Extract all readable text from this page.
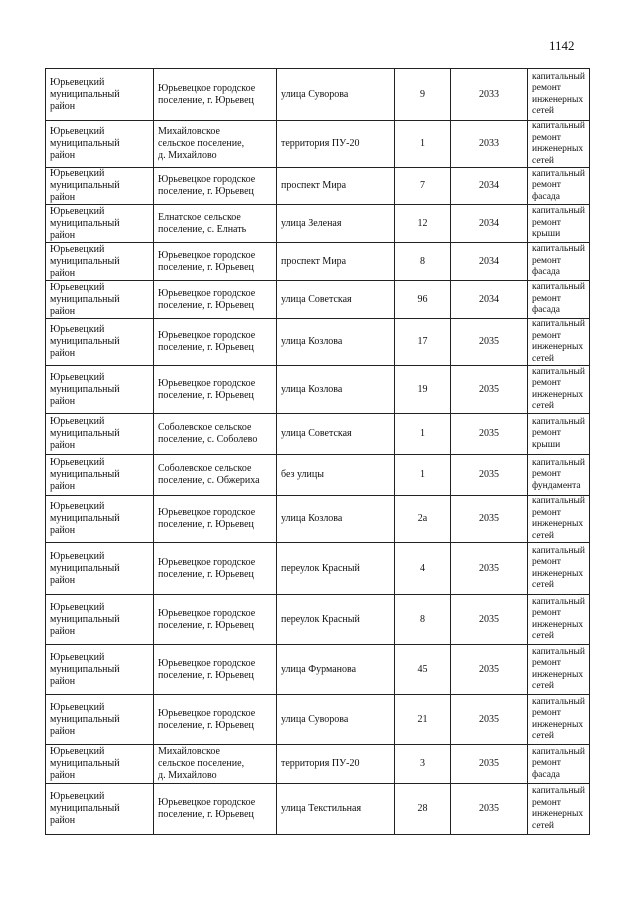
1142
Юрьевецкий
муниципальный
район	Юрьевецкое городское
поселение, г. Юрьевец	улица Суворова	9	2033	капитальный
ремонт
инженерных
сетей
Юрьевецкий
муниципальный
район	Михайловское
сельское поселение,
д. Михайлово	территория ПУ-20	1	2033	капитальный
ремонт
инженерных
сетей
Юрьевецкий
муниципальный
район	Юрьевецкое городское
поселение, г. Юрьевец	проспект Мира	7	2034	капитальный
ремонт фасада
Юрьевецкий
муниципальный
район	Елнатское сельское
поселение, с. Елнать	улица Зеленая	12	2034	капитальный
ремонт крыши
Юрьевецкий
муниципальный
район	Юрьевецкое городское
поселение, г. Юрьевец	проспект Мира	8	2034	капитальный
ремонт фасада
Юрьевецкий
муниципальный
район	Юрьевецкое городское
поселение, г. Юрьевец	улица Советская	96	2034	капитальный
ремонт фасада
Юрьевецкий
муниципальный
район	Юрьевецкое городское
поселение, г. Юрьевец	улица Козлова	17	2035	капитальный
ремонт
инженерных
сетей
Юрьевецкий
муниципальный
район	Юрьевецкое городское
поселение, г. Юрьевец	улица Козлова	19	2035	капитальный
ремонт
инженерных
сетей
Юрьевецкий
муниципальный
район	Соболевское сельское
поселение, с. Соболево	улица Советская	1	2035	капитальный
ремонт крыши
Юрьевецкий
муниципальный
район	Соболевское сельское
поселение, с. Обжериха	без улицы	1	2035	капитальный
ремонт
фундамента
Юрьевецкий
муниципальный
район	Юрьевецкое городское
поселение, г. Юрьевец	улица Козлова	2а	2035	капитальный
ремонт
инженерных
сетей
Юрьевецкий
муниципальный
район	Юрьевецкое городское
поселение, г. Юрьевец	переулок Красный	4	2035	капитальный
ремонт
инженерных
сетей
Юрьевецкий
муниципальный
район	Юрьевецкое городское
поселение, г. Юрьевец	переулок Красный	8	2035	капитальный
ремонт
инженерных
сетей
Юрьевецкий
муниципальный
район	Юрьевецкое городское
поселение, г. Юрьевец	улица Фурманова	45	2035	капитальный
ремонт
инженерных
сетей
Юрьевецкий
муниципальный
район	Юрьевецкое городское
поселение, г. Юрьевец	улица Суворова	21	2035	капитальный
ремонт
инженерных
сетей
Юрьевецкий
муниципальный
район	Михайловское
сельское поселение,
д. Михайлово	территория ПУ-20	3	2035	капитальный
ремонт фасада
Юрьевецкий
муниципальный
район	Юрьевецкое городское
поселение, г. Юрьевец	улица Текстильная	28	2035	капитальный
ремонт
инженерных
сетей
